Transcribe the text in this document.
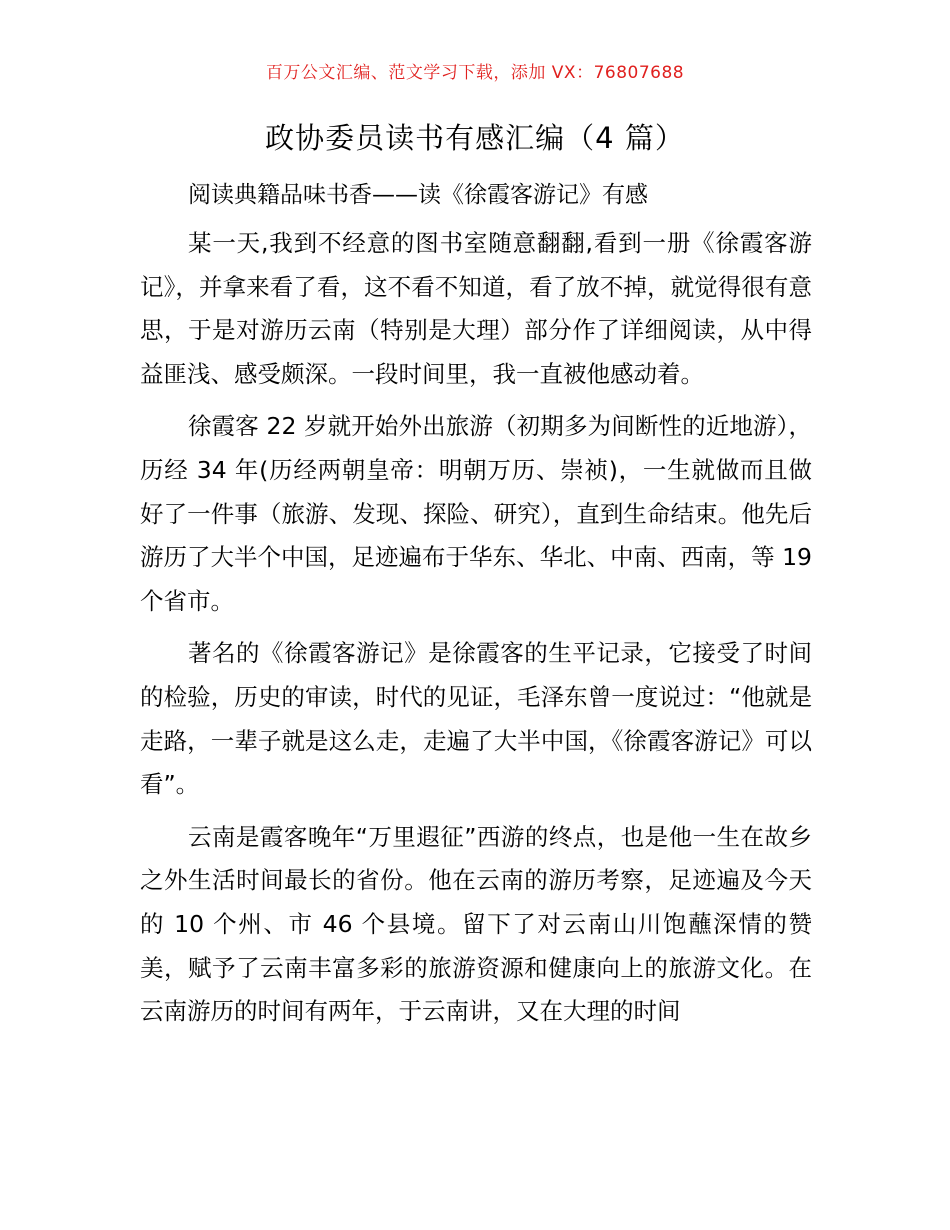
百万公文汇编、范文学习下载，添加 VX：76807688
政协委员读书有感汇编（4 篇）
阅读典籍品味书香——读《徐霞客游记》有感

某一天,我到不经意的图书室随意翻翻,看到一册《徐霞客游记》，并拿来看了看，这不看不知道，看了放不掉，就觉得很有意思，于是对游历云南（特别是大理）部分作了详细阅读，从中得益匪浅、感受颇深。一段时间里，我一直被他感动着。

徐霞客 22 岁就开始外出旅游（初期多为间断性的近地游），历经 34 年(历经两朝皇帝：明朝万历、崇祯)，一生就做而且做好了一件事（旅游、发现、探险、研究），直到生命结束。他先后游历了大半个中国，足迹遍布于华东、华北、中南、西南，等 19 个省市。

著名的《徐霞客游记》是徐霞客的生平记录，它接受了时间的检验，历史的审读，时代的见证，毛泽东曾一度说过：“他就是走路，一辈子就是这么走，走遍了大半中国，《徐霞客游记》可以看”。

云南是霞客晚年“万里遐征”西游的终点，也是他一生在故乡之外生活时间最长的省份。他在云南的游历考察，足迹遍及今天的 10 个州、市 46 个县境。留下了对云南山川饱蘸深情的赞美，赋予了云南丰富多彩的旅游资源和健康向上的旅游文化。在云南游历的时间有两年，于云南讲，又在大理的时间
